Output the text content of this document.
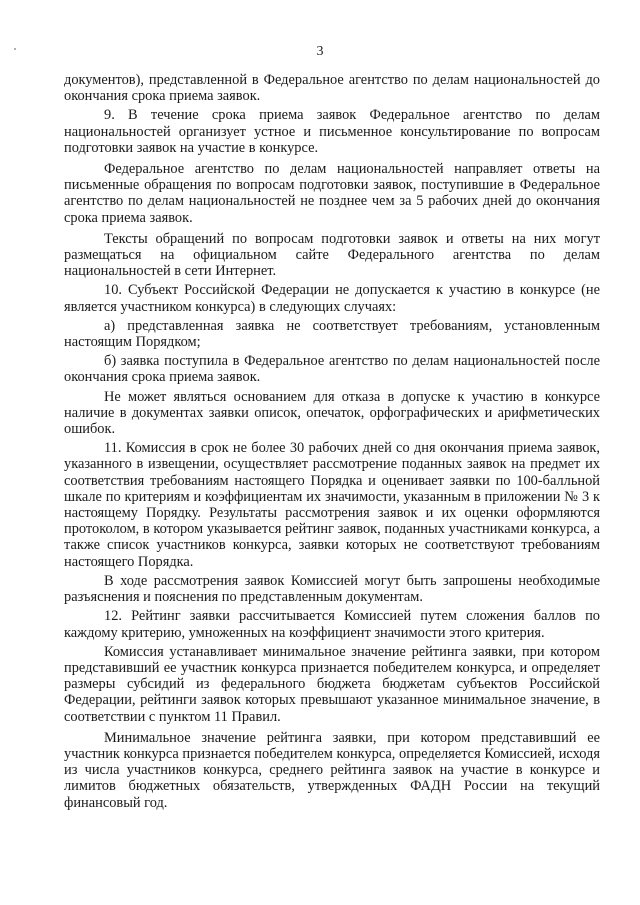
3

документов), представленной в Федеральное агентство по делам национальностей до окончания срока приема заявок.

9. В течение срока приема заявок Федеральное агентство по делам национальностей организует устное и письменное консультирование по вопросам подготовки заявок на участие в конкурсе.

Федеральное агентство по делам национальностей направляет ответы на письменные обращения по вопросам подготовки заявок, поступившие в Федеральное агентство по делам национальностей не позднее чем за 5 рабочих дней до окончания срока приема заявок.

Тексты обращений по вопросам подготовки заявок и ответы на них могут размещаться на официальном сайте Федерального агентства по делам национальностей в сети Интернет.

10. Субъект Российской Федерации не допускается к участию в конкурсе (не является участником конкурса) в следующих случаях:

а) представленная заявка не соответствует требованиям, установленным настоящим Порядком;

б) заявка поступила в Федеральное агентство по делам национальностей после окончания срока приема заявок.

Не может являться основанием для отказа в допуске к участию в конкурсе наличие в документах заявки описок, опечаток, орфографических и арифметических ошибок.

11. Комиссия в срок не более 30 рабочих дней со дня окончания приема заявок, указанного в извещении, осуществляет рассмотрение поданных заявок на предмет их соответствия требованиям настоящего Порядка и оценивает заявки по 100-балльной шкале по критериям и коэффициентам их значимости, указанным в приложении № 3 к настоящему Порядку. Результаты рассмотрения заявок и их оценки оформляются протоколом, в котором указывается рейтинг заявок, поданных участниками конкурса, а также список участников конкурса, заявки которых не соответствуют требованиям настоящего Порядка.

В ходе рассмотрения заявок Комиссией могут быть запрошены необходимые разъяснения и пояснения по представленным документам.

12. Рейтинг заявки рассчитывается Комиссией путем сложения баллов по каждому критерию, умноженных на коэффициент значимости этого критерия.

Комиссия устанавливает минимальное значение рейтинга заявки, при котором представивший ее участник конкурса признается победителем конкурса, и определяет размеры субсидий из федерального бюджета бюджетам субъектов Российской Федерации, рейтинги заявок которых превышают указанное минимальное значение, в соответствии с пунктом 11 Правил.

Минимальное значение рейтинга заявки, при котором представивший ее участник конкурса признается победителем конкурса, определяется Комиссией, исходя из числа участников конкурса, среднего рейтинга заявок на участие в конкурсе и лимитов бюджетных обязательств, утвержденных ФАДН России на текущий финансовый год.
